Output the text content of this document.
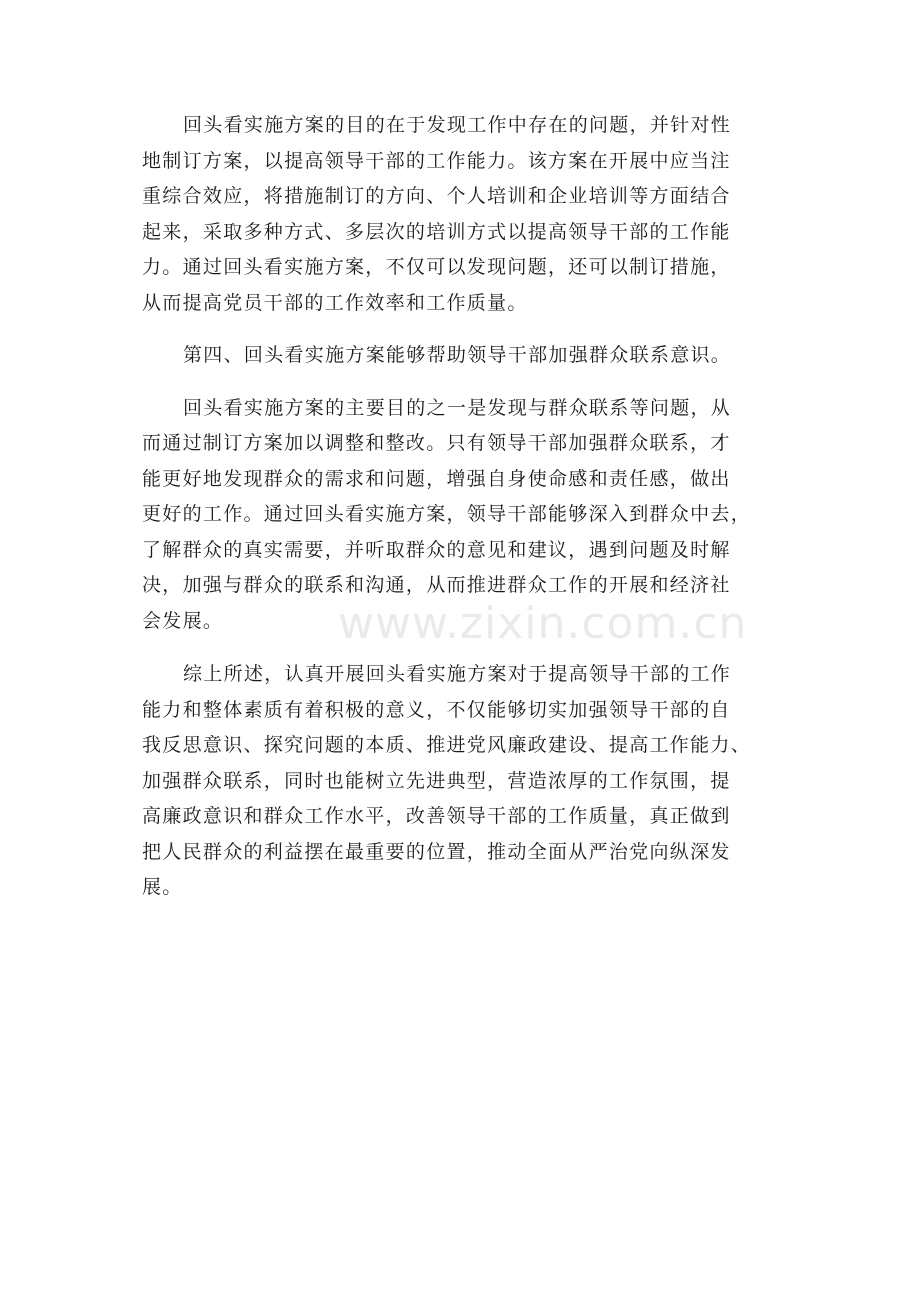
www.zixin.com.cn

回头看实施方案的目的在于发现工作中存在的问题，并针对性
地制订方案，以提高领导干部的工作能力。该方案在开展中应当注
重综合效应，将措施制订的方向、个人培训和企业培训等方面结合
起来，采取多种方式、多层次的培训方式以提高领导干部的工作能
力。通过回头看实施方案，不仅可以发现问题，还可以制订措施，
从而提高党员干部的工作效率和工作质量。

第四、回头看实施方案能够帮助领导干部加强群众联系意识。

回头看实施方案的主要目的之一是发现与群众联系等问题，从
而通过制订方案加以调整和整改。只有领导干部加强群众联系，才
能更好地发现群众的需求和问题，增强自身使命感和责任感，做出
更好的工作。通过回头看实施方案，领导干部能够深入到群众中去，
了解群众的真实需要，并听取群众的意见和建议，遇到问题及时解
决，加强与群众的联系和沟通，从而推进群众工作的开展和经济社
会发展。

综上所述，认真开展回头看实施方案对于提高领导干部的工作
能力和整体素质有着积极的意义，不仅能够切实加强领导干部的自
我反思意识、探究问题的本质、推进党风廉政建设、提高工作能力、
加强群众联系，同时也能树立先进典型，营造浓厚的工作氛围，提
高廉政意识和群众工作水平，改善领导干部的工作质量，真正做到
把人民群众的利益摆在最重要的位置，推动全面从严治党向纵深发
展。
